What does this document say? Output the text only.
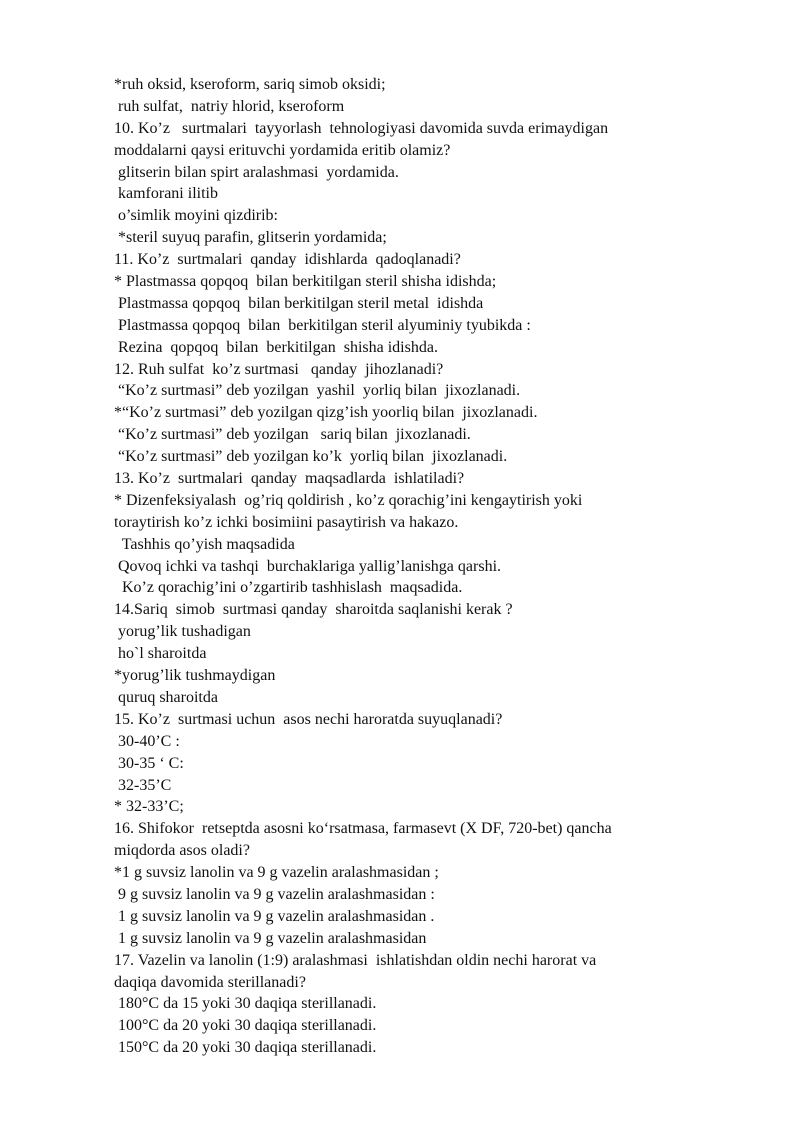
*ruh oksid, kseroform, sariq simob oksidi;
ruh sulfat,  natriy hlorid, kseroform
10. Ko’z   surtmalari  tayyorlash  tehnologiyasi davomida suvda erimaydigan
moddalarni qaysi erituvchi yordamida eritib olamiz?
glitserin bilan spirt aralashmasi  yordamida.
kamforani ilitib
o’simlik moyini qizdirib:
*steril suyuq parafin, glitserin yordamida;
11. Ko’z  surtmalari  qanday  idishlarda  qadoqlanadi?
* Plastmassa qopqoq  bilan berkitilgan steril shisha idishda;
Plastmassa qopqoq  bilan berkitilgan steril metal  idishda
Plastmassa qopqoq  bilan  berkitilgan steril alyuminiy tyubikda :
Rezina  qopqoq  bilan  berkitilgan  shisha idishda.
12. Ruh sulfat  ko’z surtmasi   qanday  jihozlanadi?
“Ko’z surtmasi” deb yozilgan  yashil  yorliq bilan  jixozlanadi.
*“Ko’z surtmasi” deb yozilgan qizg’ish yoorliq bilan  jixozlanadi.
“Ko’z surtmasi” deb yozilgan   sariq bilan  jixozlanadi.
“Ko’z surtmasi” deb yozilgan ko’k  yorliq bilan  jixozlanadi.
13. Ko’z  surtmalari  qanday  maqsadlarda  ishlatiladi?
* Dizenfeksiyalash  og’riq qoldirish , ko’z qorachig’ini kengaytirish yoki
toraytirish ko’z ichki bosimiini pasaytirish va hakazo.
Tashhis qo’yish maqsadida
Qovoq ichki va tashqi  burchaklariga yallig’lanishga qarshi.
Ko’z qorachig’ini o’zgartirib tashhislash  maqsadida.
14.Sariq  simob  surtmasi qanday  sharoitda saqlanishi kerak ?
yorug’lik tushadigan
ho`l sharoitda
*yorug’lik tushmaydigan
quruq sharoitda
15. Ko’z  surtmasi uchun  asos nechi haroratda suyuqlanadi?
30-40’C :
30-35 ‘ C:
32-35’C
* 32-33’C;
16. Shifokor  retseptda asosni ko‘rsatmasa, farmasevt (X DF, 720-bet) qancha
miqdorda asos oladi?
*1 g suvsiz lanolin va 9 g vazelin aralashmasidan ;
9 g suvsiz lanolin va 9 g vazelin aralashmasidan :
1 g suvsiz lanolin va 9 g vazelin aralashmasidan .
1 g suvsiz lanolin va 9 g vazelin aralashmasidan
17. Vazelin va lanolin (1:9) aralashmasi  ishlatishdan oldin nechi harorat va
daqiqa davomida sterillanadi?
180°C da 15 yoki 30 daqiqa sterillanadi.
100°C da 20 yoki 30 daqiqa sterillanadi.
150°C da 20 yoki 30 daqiqa sterillanadi.
